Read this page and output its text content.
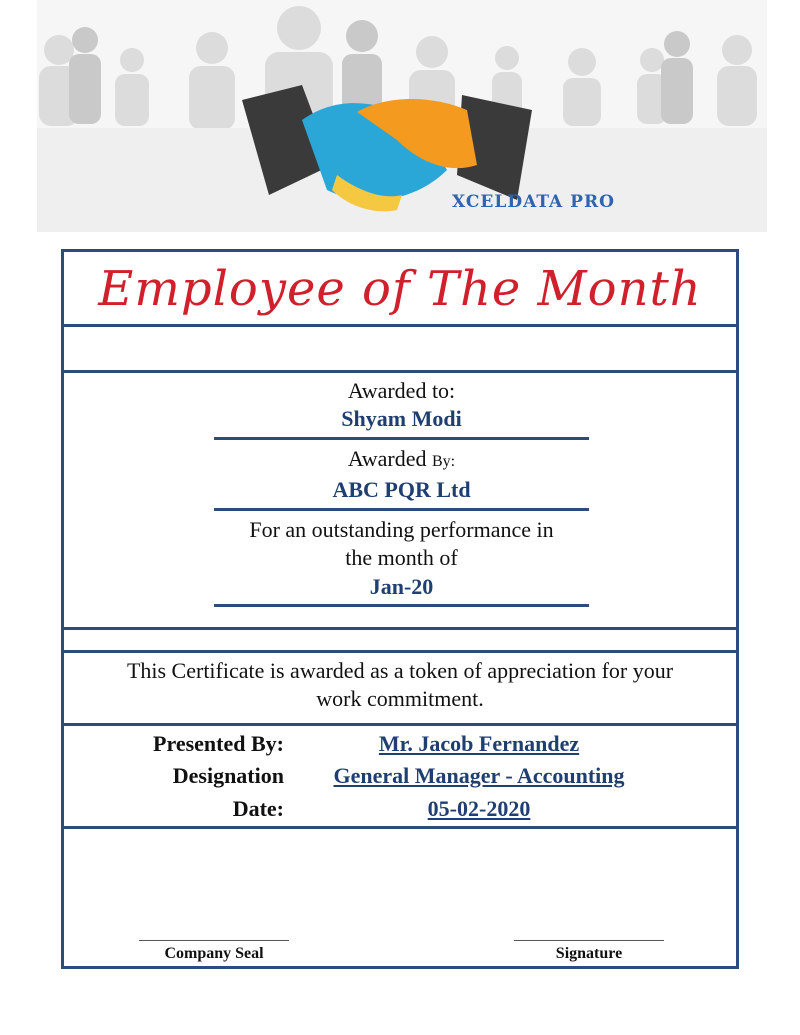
XCELDATA PRO
Employee of The Month
Awarded to:
Shyam Modi
Awarded By:
ABC PQR Ltd
For an outstanding performance in
the month of
Jan-20
This Certificate is awarded as a token of appreciation for your
work commitment.
Presented By:	Mr. Jacob Fernandez
Designation	General Manager - Accounting
Date:	05-02-2020
Company Seal	Signature
